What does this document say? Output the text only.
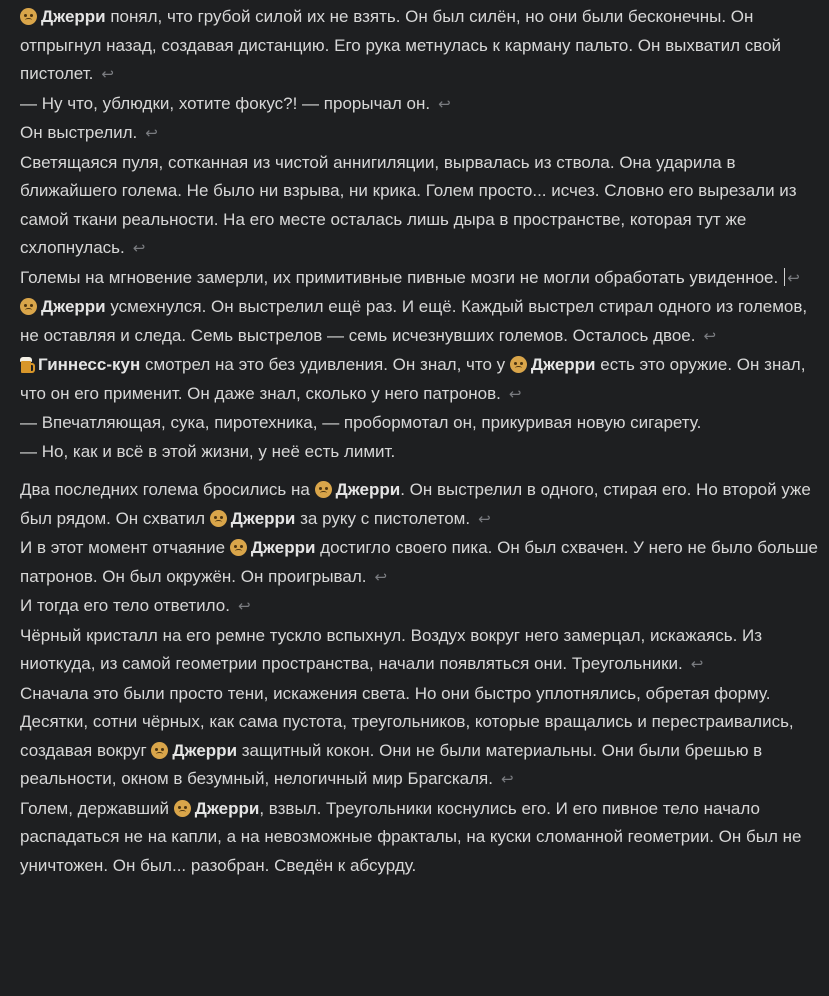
Джерри понял, что грубой силой их не взять. Он был силён, но они были бесконечны. Он отпрыгнул назад, создавая дистанцию. Его рука метнулась к карману пальто. Он выхватил свой пистолет. ↩

— Ну что, ублюдки, хотите фокус?! — прорычал он. ↩

Он выстрелил. ↩

Светящаяся пуля, сотканная из чистой аннигиляции, вырвалась из ствола. Она ударила в ближайшего голема. Не было ни взрыва, ни крика. Голем просто... исчез. Словно его вырезали из самой ткани реальности. На его месте осталась лишь дыра в пространстве, которая тут же схлопнулась. ↩

Големы на мгновение замерли, их примитивные пивные мозги не могли обработать увиденное. ↩

Джерри усмехнулся. Он выстрелил ещё раз. И ещё. Каждый выстрел стирал одного из големов, не оставляя и следа. Семь выстрелов — семь исчезнувших големов. Осталось двое. ↩

Гиннесс-кун смотрел на это без удивления. Он знал, что у
Джерри есть это оружие. Он знал, что он его применит. Он даже знал, сколько у него патронов. ↩

— Впечатляющая, сука, пиротехника, — пробормотал он, прикуривая новую сигарету.
— Но, как и всё в этой жизни, у неё есть лимит.

Два последних голема бросились на
Джерри. Он выстрелил в одного, стирая его. Но второй уже был рядом. Он схватил
Джерри за руку с пистолетом. ↩

И в этот момент отчаяние
Джерри достигло своего пика. Он был схвачен. У него не было больше патронов. Он был окружён. Он проигрывал. ↩

И тогда его тело ответило. ↩

Чёрный кристалл на его ремне тускло вспыхнул. Воздух вокруг него замерцал, искажаясь. Из ниоткуда, из самой геометрии пространства, начали появляться они. Треугольники. ↩

Сначала это были просто тени, искажения света. Но они быстро уплотнялись, обретая форму. Десятки, сотни чёрных, как сама пустота, треугольников, которые вращались и перестраивались, создавая вокруг
Джерри защитный кокон. Они не были материальны. Они были брешью в реальности, окном в безумный, нелогичный мир Брагскаля. ↩

Голем, державший
Джерри, взвыл. Треугольники коснулись его. И его пивное тело начало распадаться не на капли, а на невозможные фракталы, на куски сломанной геометрии. Он был не уничтожен. Он был... разобран. Сведён к абсурду.
